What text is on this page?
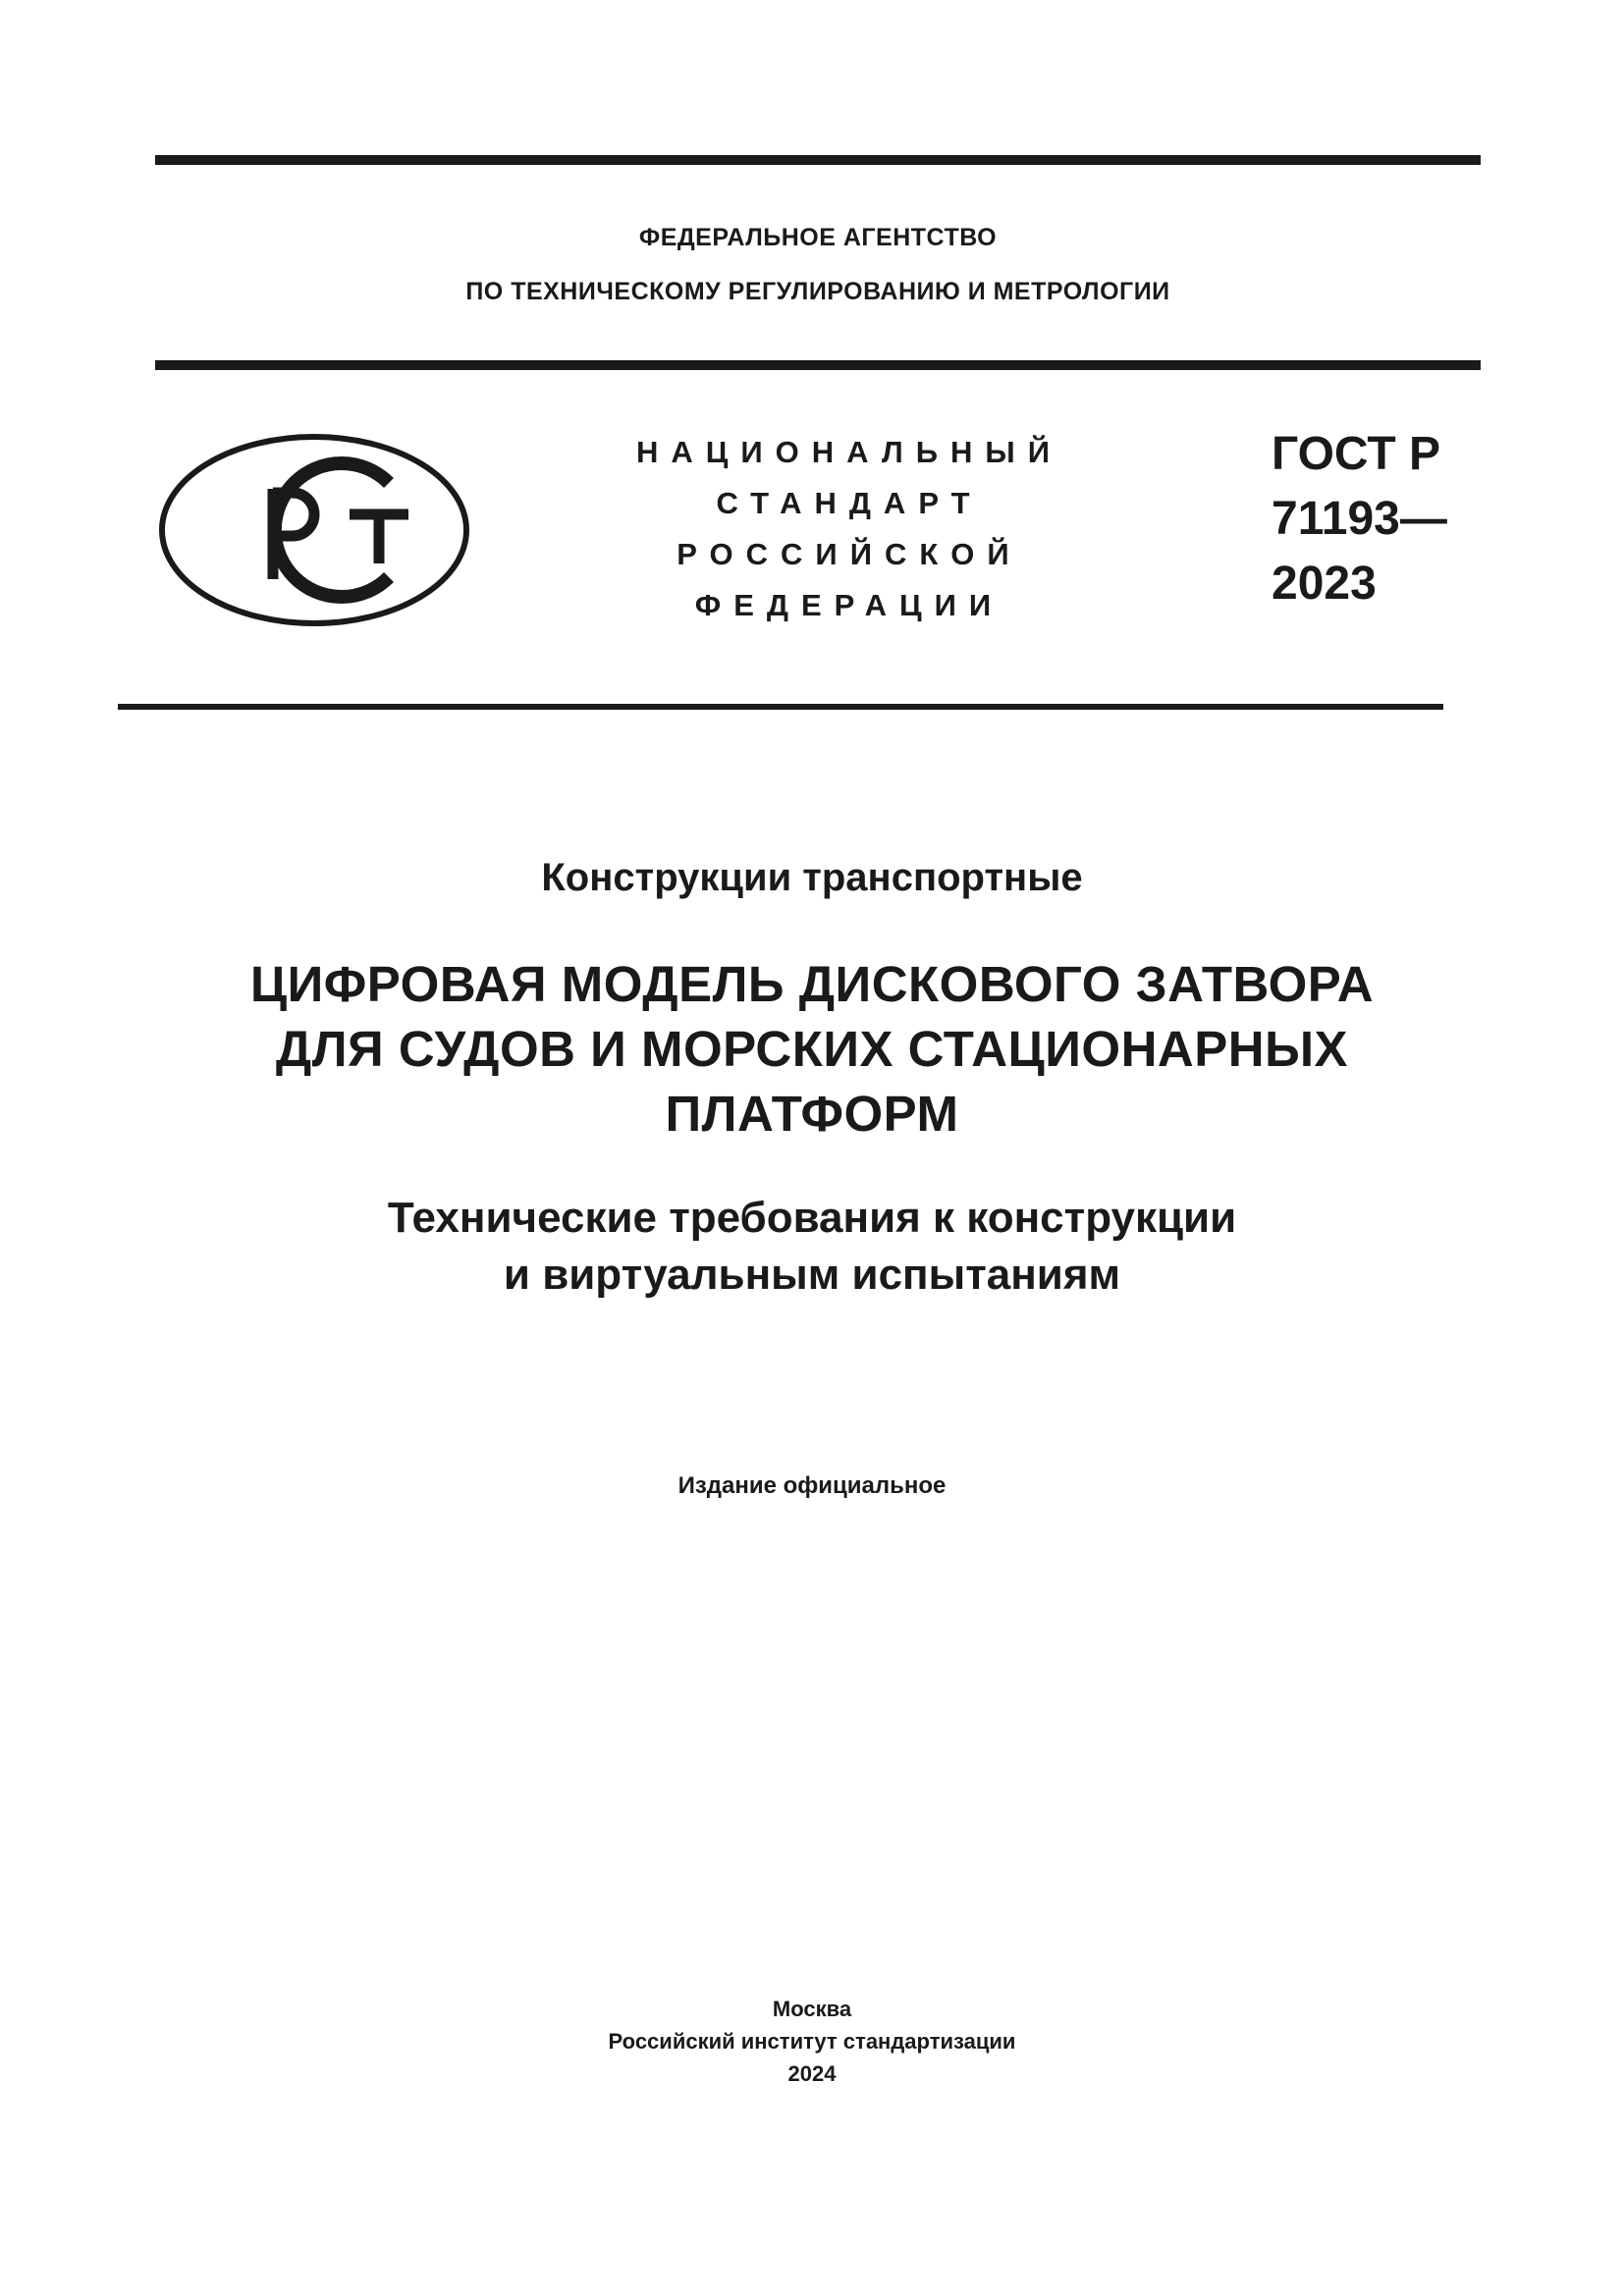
ФЕДЕРАЛЬНОЕ АГЕНТСТВО
ПО ТЕХНИЧЕСКОМУ РЕГУЛИРОВАНИЮ И МЕТРОЛОГИИ
НАЦИОНАЛЬНЫЙ
СТАНДАРТ
РОССИЙСКОЙ
ФЕДЕРАЦИИ
ГОСТ Р
71193—
2023
Конструкции транспортные
ЦИФРОВАЯ МОДЕЛЬ ДИСКОВОГО ЗАТВОРА
ДЛЯ СУДОВ И МОРСКИХ СТАЦИОНАРНЫХ
ПЛАТФОРМ
Технические требования к конструкции
и виртуальным испытаниям
Издание официальное
Москва
Российский институт стандартизации
2024
